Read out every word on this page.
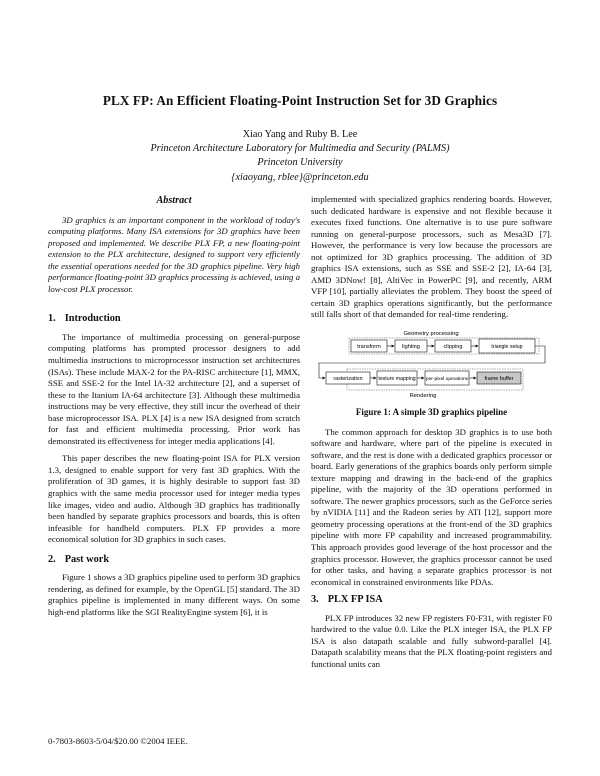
PLX FP: An Efficient Floating-Point Instruction Set for 3D Graphics
Xiao Yang and Ruby B. Lee
Princeton Architecture Laboratory for Multimedia and Security (PALMS)
Princeton University
{xiaoyang, rblee}@princeton.edu
Abstract
3D graphics is an important component in the workload of today's computing platforms. Many ISA extensions for 3D graphics have been proposed and implemented. We describe PLX FP, a new floating-point extension to the PLX architecture, designed to support very efficiently the essential operations needed for the 3D graphics pipeline. Very high performance floating-point 3D graphics processing is achieved, using a low-cost PLX processor.
1. Introduction

The importance of multimedia processing on general-purpose computing platforms has prompted processor designers to add multimedia instructions to microprocessor instruction set architectures (ISAs). These include MAX-2 for the PA-RISC architecture [1], MMX, SSE and SSE-2 for the Intel IA-32 architecture [2], and a superset of these to the Itanium IA-64 architecture [3]. Although these multimedia instructions may be very effective, they still incur the overhead of their base microprocessor ISA. PLX [4] is a new ISA designed from scratch for fast and efficient multimedia processing. Prior work has demonstrated its effectiveness for integer media applications [4].

This paper describes the new floating-point ISA for PLX version 1.3, designed to enable support for very fast 3D graphics. With the proliferation of 3D games, it is highly desirable to support fast 3D graphics with the same media processor used for integer media types like images, video and audio. Although 3D graphics has traditionally been handled by separate graphics processors and boards, this is often infeasible for handheld computers. PLX FP provides a more economical solution for 3D graphics in such cases.

2. Past work

Figure 1 shows a 3D graphics pipeline used to perform 3D graphics rendering, as defined for example, by the OpenGL [5] standard. The 3D graphics pipeline is implemented in many different ways. On some high-end platforms like the SGI RealityEngine system [6], it is

implemented with specialized graphics rendering boards. However, such dedicated hardware is expensive and not flexible because it executes fixed functions. One alternative is to use pure software running on general-purpose processors, such as Mesa3D [7]. However, the performance is very low because the processors are not optimized for 3D graphics processing. The addition of 3D graphics ISA extensions, such as SSE and SSE-2 [2], IA-64 [3], AMD 3DNow! [8], AltiVec in PowerPC [9], and recently, ARM VFP [10], partially alleviates the problem. They boost the speed of certain 3D graphics operations significantly, but the performance still falls short of that demanded for real-time rendering.

Geometry processing
transform	lighting	clipping	triangle setup
rasterization	texture mapping per-pixel operations	frame buffer
Rendering
Figure 1: A simple 3D graphics pipeline

The common approach for desktop 3D graphics is to use both software and hardware, where part of the pipeline is executed in software, and the rest is done with a dedicated graphics processor or board. Early generations of the graphics boards only perform simple texture mapping and drawing in the back-end of the graphics pipeline, with the majority of the 3D operations performed in software. The newer graphics processors, such as the GeForce series by nVIDIA [11] and the Radeon series by ATI [12], support more geometry processing operations at the front-end of the 3D graphics pipeline with more FP capability and increased programmability. This approach provides good leverage of the host processor and the graphics processor. However, the graphics processor cannot be used for other tasks, and having a separate graphics processor is not economical in constrained environments like PDAs.

3. PLX FP ISA

PLX FP introduces 32 new FP registers F0-F31, with register F0 hardwired to the value 0.0. Like the PLX integer ISA, the PLX FP ISA is also datapath scalable and fully subword-parallel [4]. Datapath scalability means that the PLX floating-point registers and functional units can

0-7803-8603-5/04/$20.00 ©2004 IEEE.
